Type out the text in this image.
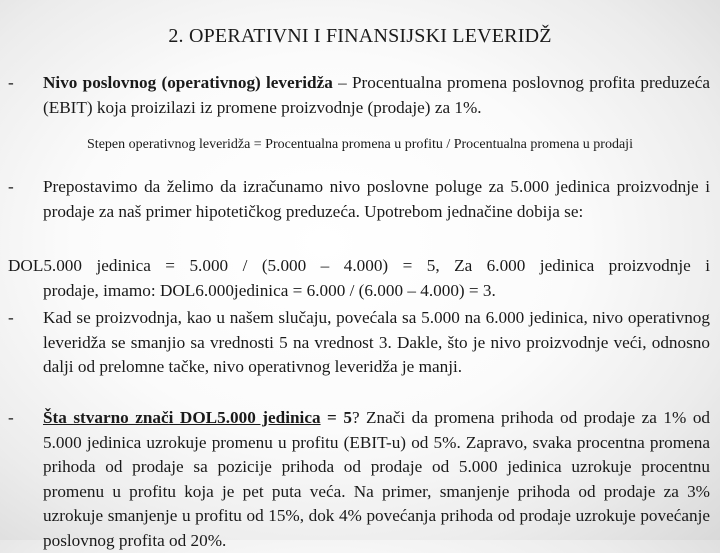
2. OPERATIVNI I FINANSIJSKI LEVERIDŽ
- Nivo poslovnog (operativnog) leveridža – Procentualna promena poslovnog profita preduzeća (EBIT) koja proizilazi iz promene proizvodnje (prodaje) za 1%.
Stepen operativnog leveridža = Procentualna promena u profitu / Procentualna promena u prodaji
- Prepostavimo da želimo da izračunamo nivo poslovne poluge za 5.000 jedinica proizvodnje i prodaje za naš primer hipotetičkog preduzeća. Upotrebom jednačine dobija se:
DOL5.000 jedinica = 5.000 / (5.000 – 4.000) = 5, Za 6.000 jedinica proizvodnje i
prodaje, imamo: DOL6.000jedinica = 6.000 / (6.000 – 4.000) = 3.
- Kad se proizvodnja, kao u našem slučaju, povećala sa 5.000 na 6.000 jedinica, nivo operativnog leveridža se smanjio sa vrednosti 5 na vrednost 3. Dakle, što je nivo proizvodnje veći, odnosno dalji od prelomne tačke, nivo operativnog leveridža je manji.
- Šta stvarno znači DOL5.000 jedinica = 5? Znači da promena prihoda od prodaje za 1% od 5.000 jedinica uzrokuje promenu u profitu (EBIT-u) od 5%. Zapravo, svaka procentna promena prihoda od prodaje sa pozicije prihoda od prodaje od 5.000 jedinica uzrokuje procentnu promenu u profitu koja je pet puta veća. Na primer, smanjenje prihoda od prodaje za 3% uzrokuje smanjenje u profitu od 15%, dok 4% povećanja prihoda od prodaje uzrokuje povećanje poslovnog profita od 20%.
